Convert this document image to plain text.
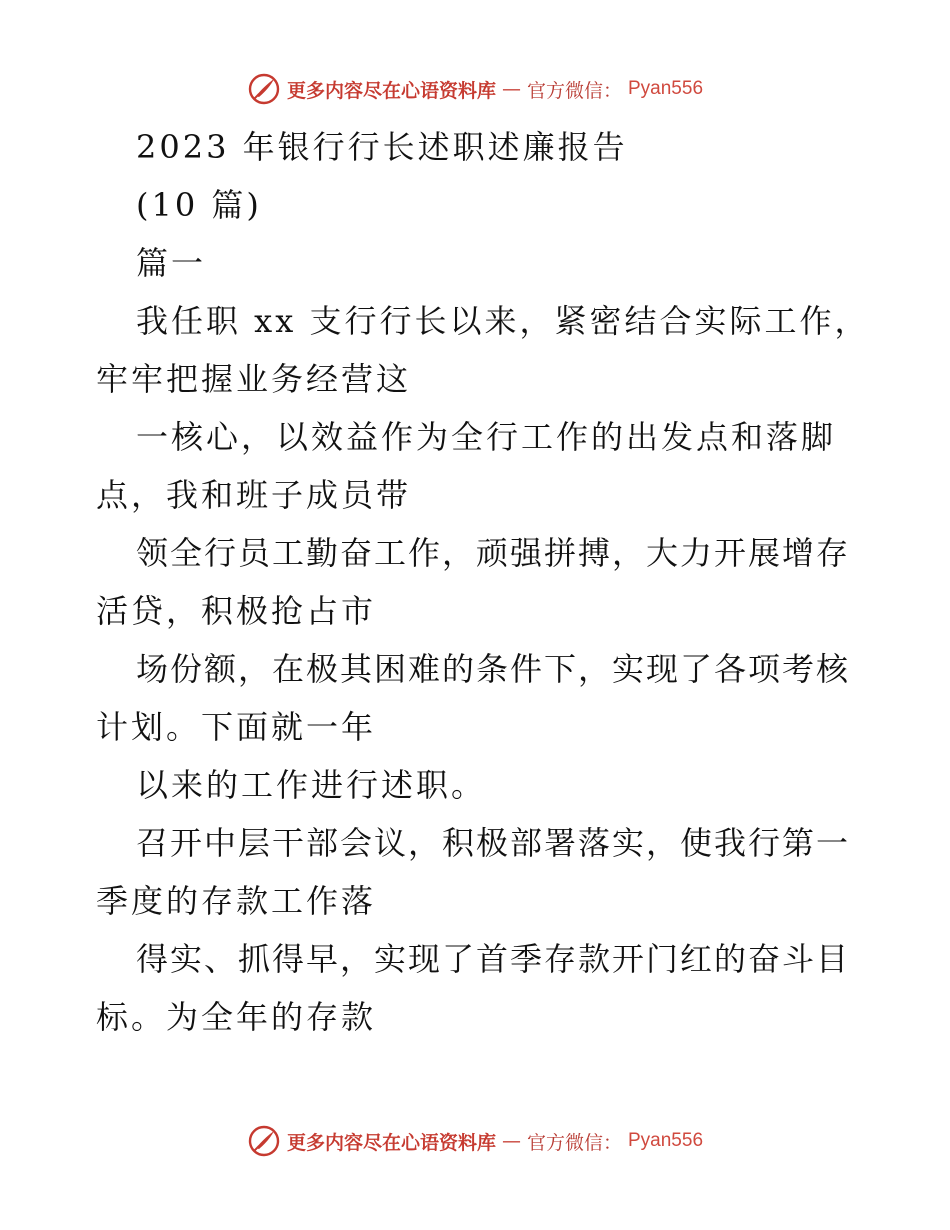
更多内容尽在心语资料库 — 官方微信： Pyan556
2023 年银行行长述职述廉报告
(10 篇)
篇一
我任职 xx 支行行长以来，紧密结合实际工作，
牢牢把握业务经营这
一核心，以效益作为全行工作的出发点和落脚
点，我和班子成员带
领全行员工勤奋工作，顽强拼搏，大力开展增存
活贷，积极抢占市
场份额，在极其困难的条件下，实现了各项考核
计划。下面就一年
以来的工作进行述职。
召开中层干部会议，积极部署落实，使我行第一
季度的存款工作落
得实、抓得早，实现了首季存款开门红的奋斗目
标。为全年的存款
更多内容尽在心语资料库 — 官方微信： Pyan556
